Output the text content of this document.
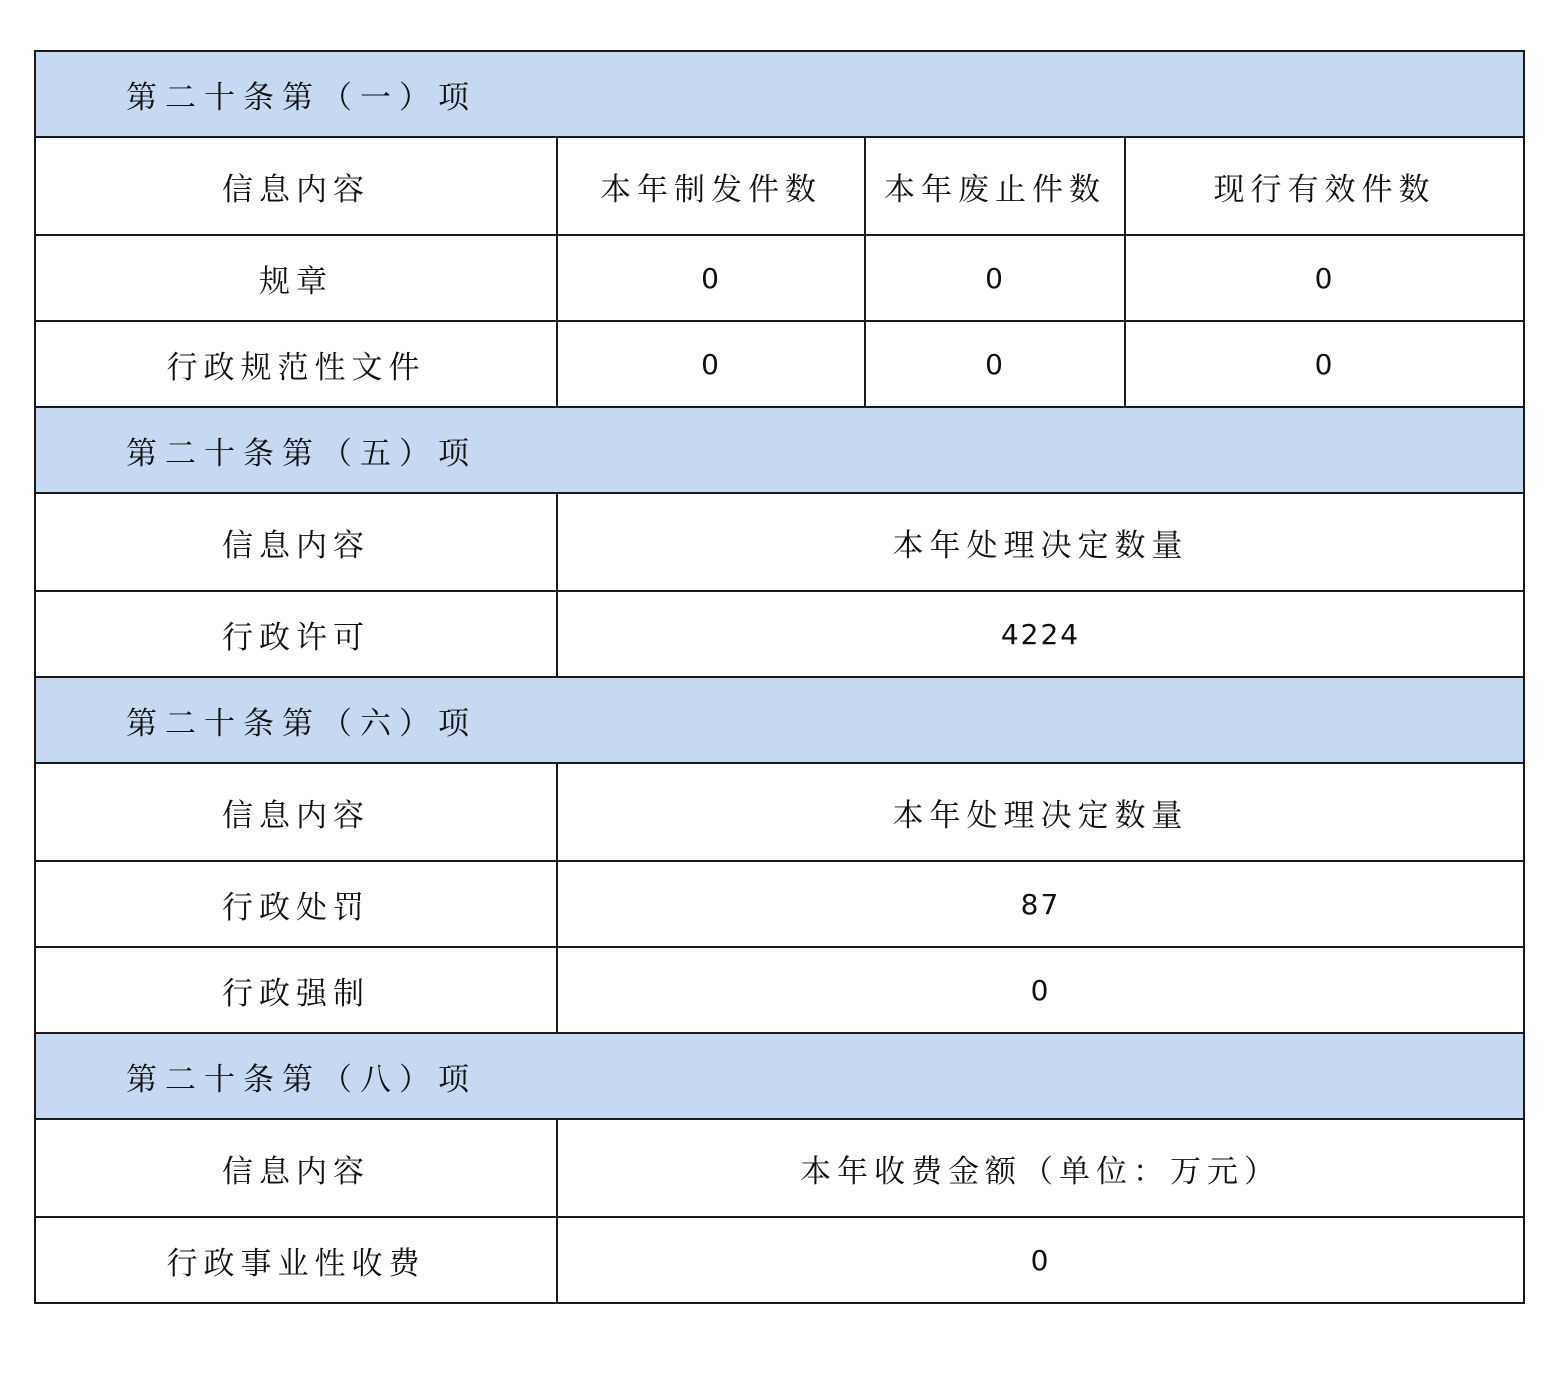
第二十条第（一）项			
信息内容	本年制发件数	本年废止件数	现行有效件数
规章	0	0	0
行政规范性文件	0	0	0
第二十条第（五）项			
信息内容	本年处理决定数量		
行政许可	4224		
第二十条第（六）项			
信息内容	本年处理决定数量		
行政处罚	87		
行政强制	0		
第二十条第（八）项			
信息内容	本年收费金额（单位：万元）		
行政事业性收费	0		
